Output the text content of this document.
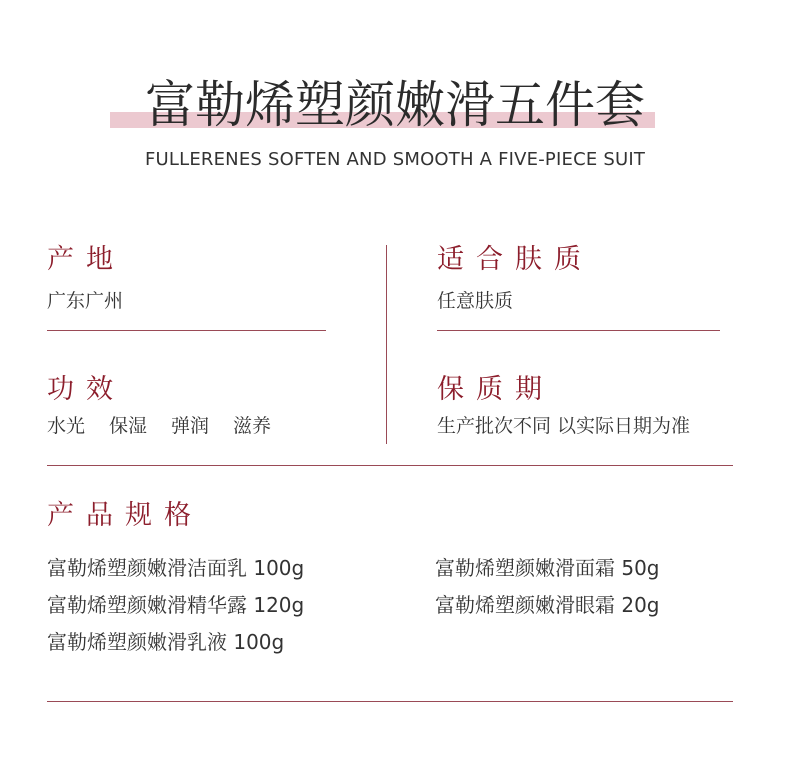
富勒烯塑颜嫩滑五件套
FULLERENES SOFTEN AND SMOOTH A FIVE-PIECE SUIT
产地
广东广州
适合肤质
任意肤质
功效
水光 保湿 弹润 滋养
保质期
生产批次不同 以实际日期为准
产品规格
富勒烯塑颜嫩滑洁面乳 100g
富勒烯塑颜嫩滑精华露 120g
富勒烯塑颜嫩滑乳液 100g
富勒烯塑颜嫩滑面霜 50g
富勒烯塑颜嫩滑眼霜 20g
